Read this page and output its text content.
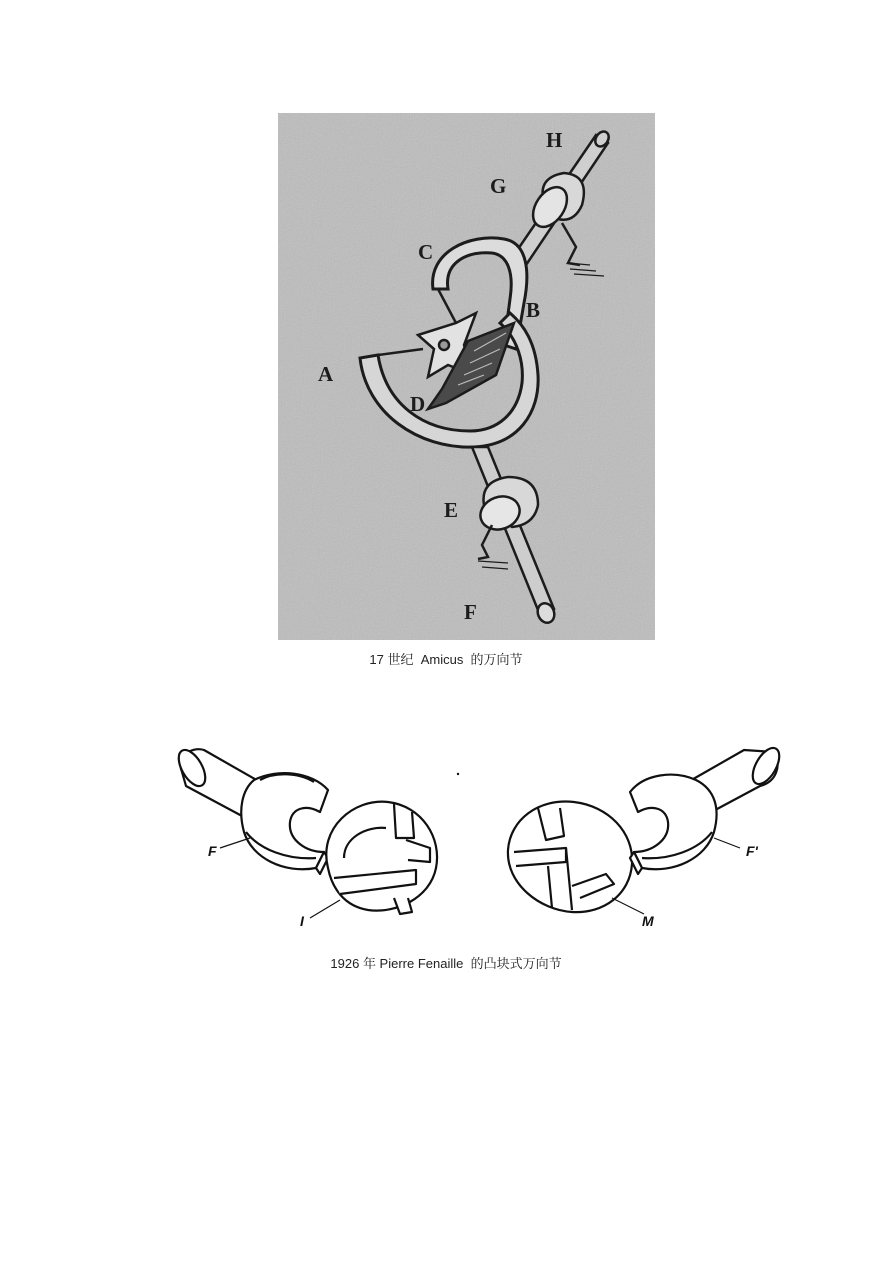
H
G
C
B
A
D
E
F
17 世纪  Amicus  的万向节
F
I	M
F'
1926 年 Pierre Fenaille  的凸块式万向节
